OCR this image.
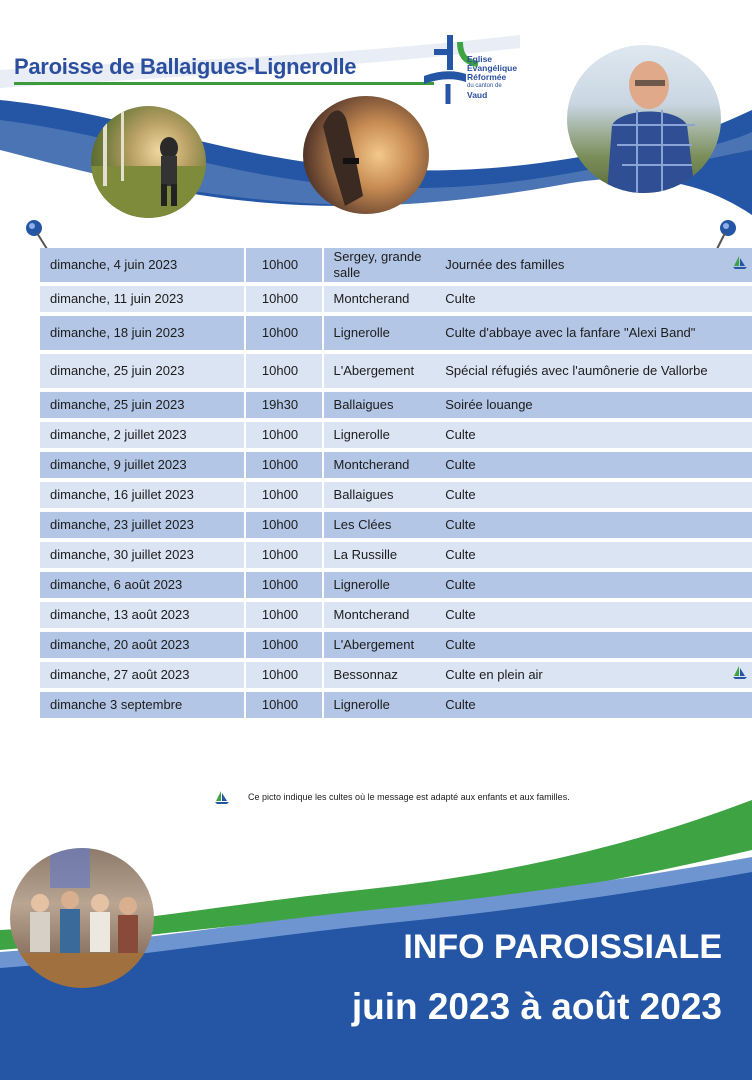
Paroisse de Ballaigues-Lignerolle	Eglise
Évangélique
Réformée
du canton de
Vaud
dimanche, 4 juin 2023	10h00	Sergey, grande salle	Journée des familles	
dimanche, 11 juin 2023	10h00	Montcherand	Culte	
dimanche, 18 juin 2023	10h00	Lignerolle	Culte d'abbaye avec la fanfare "Alexi Band"	
dimanche, 25 juin 2023	10h00	L'Abergement	Spécial réfugiés avec l'aumônerie de Vallorbe	
dimanche, 25 juin 2023	19h30	Ballaigues	Soirée louange	
dimanche, 2 juillet 2023	10h00	Lignerolle	Culte	
dimanche, 9 juillet 2023	10h00	Montcherand	Culte	
dimanche, 16 juillet 2023	10h00	Ballaigues	Culte	
dimanche, 23 juillet 2023	10h00	Les Clées	Culte	
dimanche, 30 juillet 2023	10h00	La Russille	Culte	
dimanche, 6 août 2023	10h00	Lignerolle	Culte	
dimanche, 13 août 2023	10h00	Montcherand	Culte	
dimanche, 20 août 2023	10h00	L'Abergement	Culte	
dimanche, 27 août 2023	10h00	Bessonnaz	Culte en plein air	
dimanche 3 septembre	10h00	Lignerolle	Culte	
Ce picto indique les cultes où le message est adapté aux enfants et aux familles.
INFO PAROISSIALE
juin 2023 à août 2023
